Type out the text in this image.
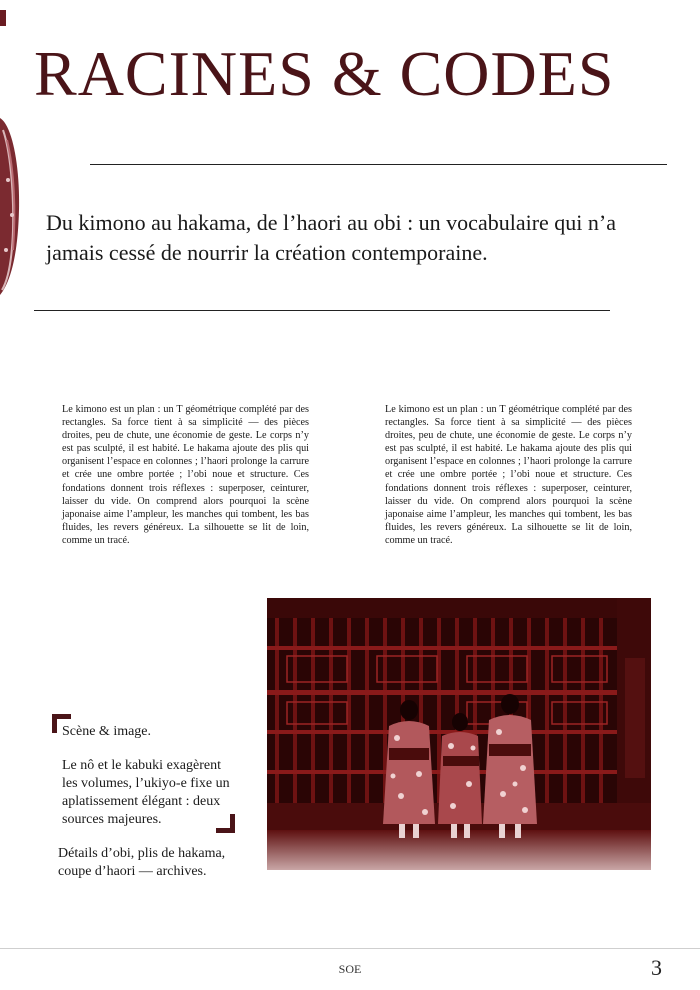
RACINES & CODES

Du kimono au hakama, de l’haori au obi : un vocabulaire qui n’a jamais cessé de nourrir la création contemporaine.

Le kimono est un plan : un T géométrique complété par des rectangles. Sa force tient à sa simplicité — des pièces droites, peu de chute, une économie de geste. Le corps n’y est pas sculpté, il est habité. Le hakama ajoute des plis qui organisent l’espace en colonnes ; l’haori prolonge la carrure et crée une ombre portée ; l’obi noue et structure. Ces fondations donnent trois réflexes : superposer, ceinturer, laisser du vide. On comprend alors pourquoi la scène japonaise aime l’ampleur, les manches qui tombent, les bas fluides, les revers généreux. La silhouette se lit de loin, comme un tracé.

Le kimono est un plan : un T géométrique complété par des rectangles. Sa force tient à sa simplicité — des pièces droites, peu de chute, une économie de geste. Le corps n’y est pas sculpté, il est habité. Le hakama ajoute des plis qui organisent l’espace en colonnes ; l’haori prolonge la carrure et crée une ombre portée ; l’obi noue et structure. Ces fondations donnent trois réflexes : superposer, ceinturer, laisser du vide. On comprend alors pourquoi la scène japonaise aime l’ampleur, les manches qui tombent, les bas fluides, les revers généreux. La silhouette se lit de loin, comme un tracé.

Scène & image.

Le nô et le kabuki exagèrent les volumes, l’ukiyo-e fixe un aplatissement élégant : deux sources majeures.

Détails d’obi, plis de hakama, coupe d’haori — archives.

SOE	3
